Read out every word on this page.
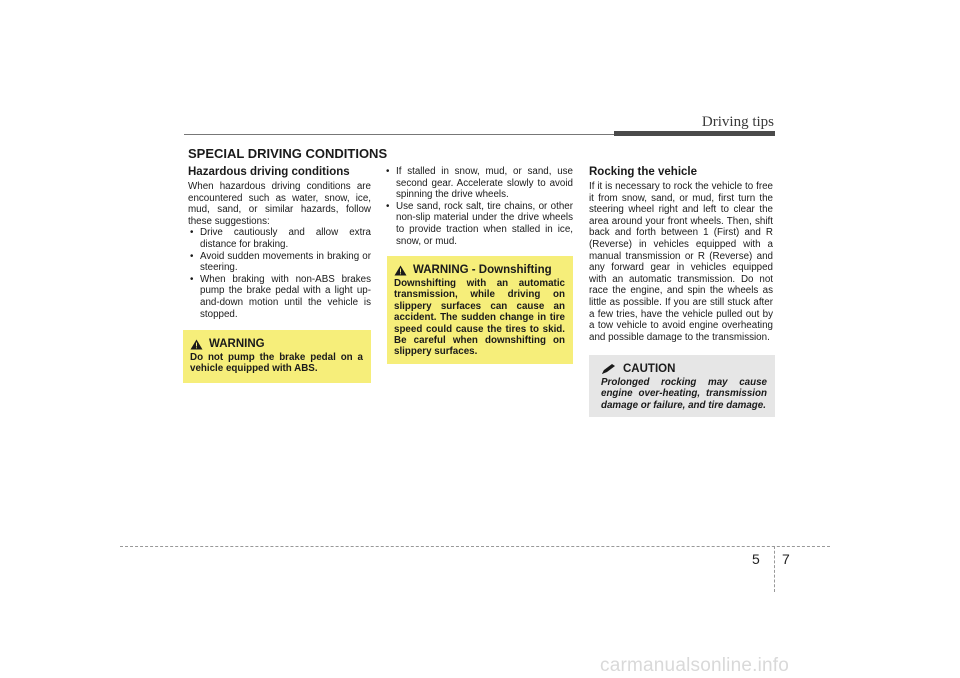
Driving tips
SPECIAL DRIVING CONDITIONS
Hazardous driving conditions
When hazardous driving conditions are encountered such as water, snow, ice, mud, sand, or similar hazards, follow these suggestions:
• Drive cautiously and allow extra distance for braking.
• Avoid sudden movements in braking or steering.
• When braking with non-ABS brakes pump the brake pedal with a light up-and-down motion until the vehicle is stopped.
WARNING
Do not pump the brake pedal on a vehicle equipped with ABS.
• If stalled in snow, mud, or sand, use second gear. Accelerate slowly to avoid spinning the drive wheels.
• Use sand, rock salt, tire chains, or other non-slip material under the drive wheels to provide traction when stalled in ice, snow, or mud.
WARNING - Downshifting
Downshifting with an automatic transmission, while driving on slippery surfaces can cause an accident. The sudden change in tire speed could cause the tires to skid. Be careful when downshifting on slippery surfaces.
Rocking the vehicle
If it is necessary to rock the vehicle to free it from snow, sand, or mud, first turn the steering wheel right and left to clear the area around your front wheels. Then, shift back and forth between 1 (First) and R (Reverse) in vehicles equipped with a manual transmission or R (Reverse) and any forward gear in vehicles equipped with an automatic transmission. Do not race the engine, and spin the wheels as little as possible. If you are still stuck after a few tries, have the vehicle pulled out by a tow vehicle to avoid engine overheating and possible damage to the transmission.
CAUTION
Prolonged rocking may cause engine over-heating, transmission damage or failure, and tire damage.
5 7
carmanualsonline.info
